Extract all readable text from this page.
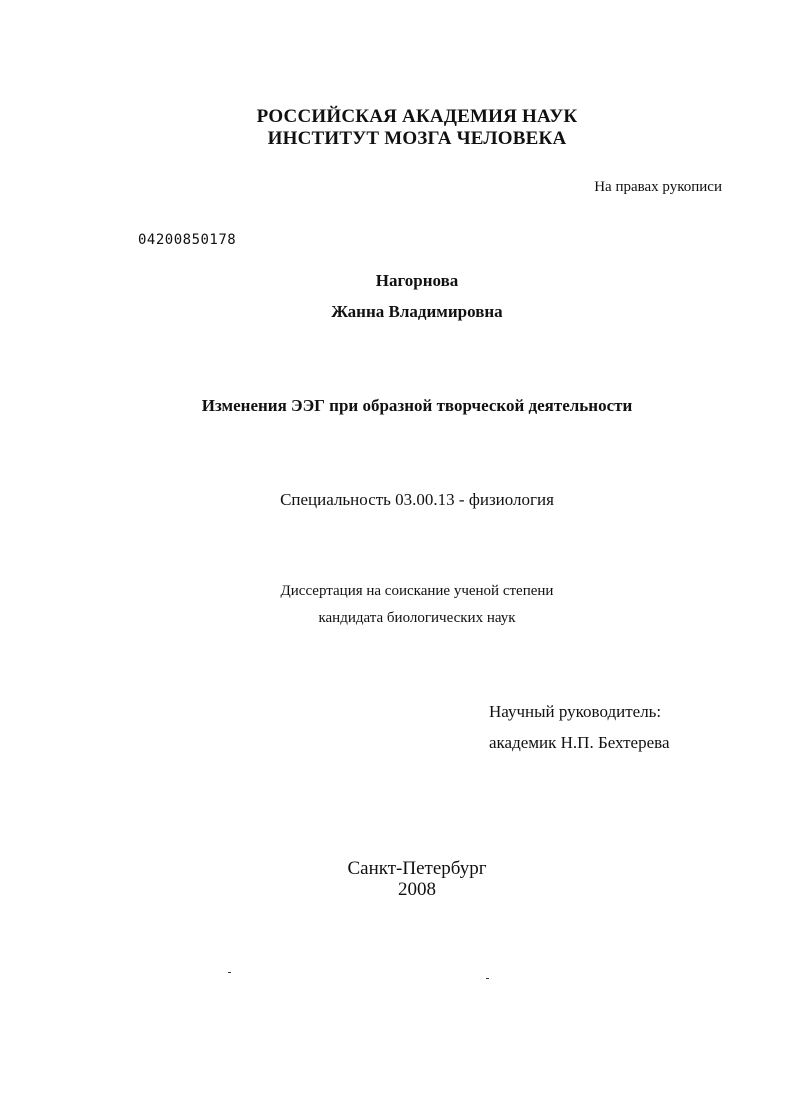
РОССИЙСКАЯ АКАДЕМИЯ НАУК
ИНСТИТУТ МОЗГА ЧЕЛОВЕКА
На правах рукописи
04200850178
Нагорнова
Жанна Владимировна
Изменения ЭЭГ при образной творческой деятельности
Специальность 03.00.13 - физиология
Диссертация на соискание ученой степени
кандидата биологических наук
Научный руководитель:
академик Н.П. Бехтерева
Санкт-Петербург
2008
